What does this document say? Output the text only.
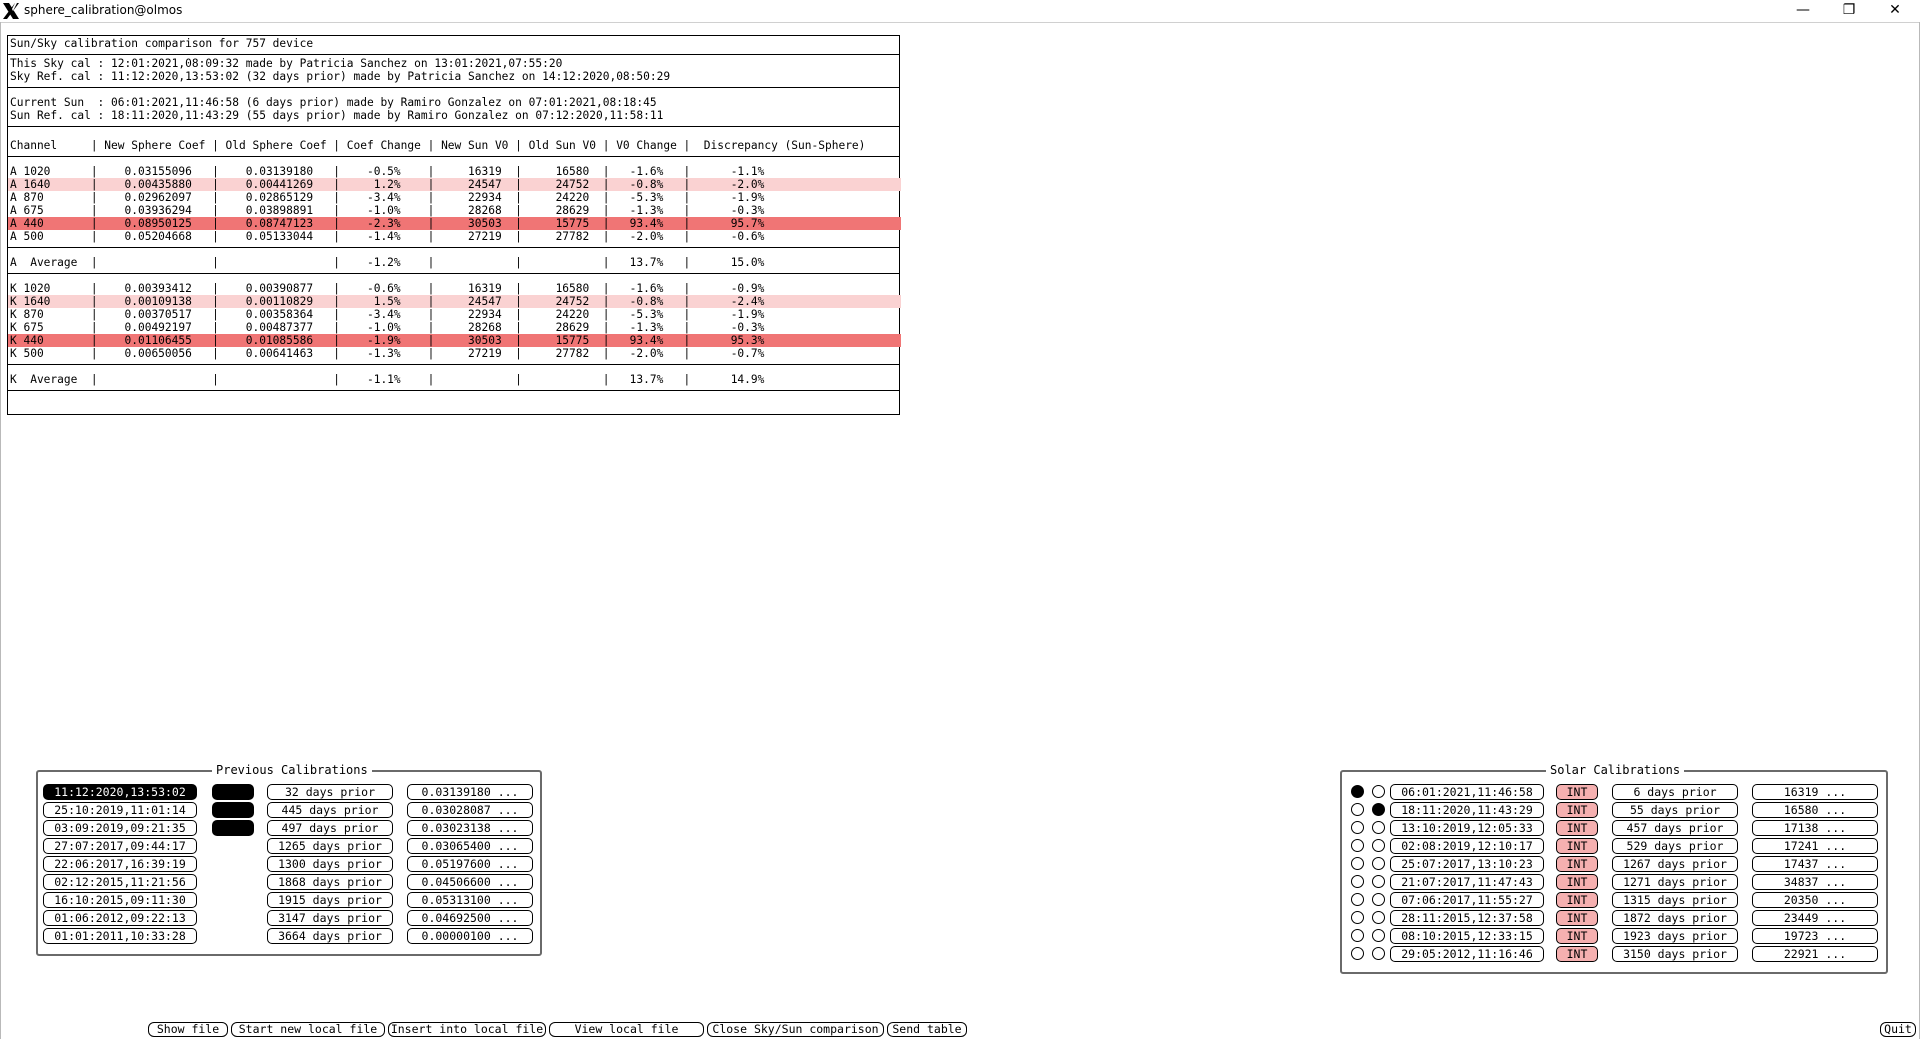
sphere_calibration@olmos	—	❐	✕
Sun/Sky calibration comparison for 757 device
This Sky cal : 12:01:2021,08:09:32 made by Patricia Sanchez on 13:01:2021,07:55:20
Sky Ref. cal : 11:12:2020,13:53:02 (32 days prior) made by Patricia Sanchez on 14:12:2020,08:50:29
Current Sun  : 06:01:2021,11:46:58 (6 days prior) made by Ramiro Gonzalez on 07:01:2021,08:18:45
Sun Ref. cal : 18:11:2020,11:43:29 (55 days prior) made by Ramiro Gonzalez on 07:12:2020,11:58:11
Channel     | New Sphere Coef | Old Sphere Coef | Coef Change | New Sun V0 | Old Sun V0 | V0 Change |  Discrepancy (Sun-Sphere)
A 1020      |    0.03155096   |    0.03139180   |    -0.5%    |     16319  |     16580  |   -1.6%   |      -1.1%
A 1640      |    0.00435880   |    0.00441269   |     1.2%    |     24547  |     24752  |   -0.8%   |      -2.0%
A 870       |    0.02962097   |    0.02865129   |    -3.4%    |     22934  |     24220  |   -5.3%   |      -1.9%
A 675       |    0.03936294   |    0.03898891   |    -1.0%    |     28268  |     28629  |   -1.3%   |      -0.3%
A 440       |    0.08950125   |    0.08747123   |    -2.3%    |     30503  |     15775  |   93.4%   |      95.7%
A 500       |    0.05204668   |    0.05133044   |    -1.4%    |     27219  |     27782  |   -2.0%   |      -0.6%
A  Average  |                 |                 |    -1.2%    |            |            |   13.7%   |      15.0%
K 1020      |    0.00393412   |    0.00390877   |    -0.6%    |     16319  |     16580  |   -1.6%   |      -0.9%
K 1640      |    0.00109138   |    0.00110829   |     1.5%    |     24547  |     24752  |   -0.8%   |      -2.4%
K 870       |    0.00370517   |    0.00358364   |    -3.4%    |     22934  |     24220  |   -5.3%   |      -1.9%
K 675       |    0.00492197   |    0.00487377   |    -1.0%    |     28268  |     28629  |   -1.3%   |      -0.3%
K 440       |    0.01106455   |    0.01085586   |    -1.9%    |     30503  |     15775  |   93.4%   |      95.3%
K 500       |    0.00650056   |    0.00641463   |    -1.3%    |     27219  |     27782  |   -2.0%   |      -0.7%
K  Average  |                 |                 |    -1.1%    |            |            |   13.7%   |      14.9%
Previous Calibrations
11:12:2020,13:53:02	32 days prior	0.03139180 ...
25:10:2019,11:01:14	445 days prior	0.03028087 ...
03:09:2019,09:21:35	497 days prior	0.03023138 ...
27:07:2017,09:44:17	1265 days prior	0.03065400 ...
22:06:2017,16:39:19	1300 days prior	0.05197600 ...
02:12:2015,11:21:56	1868 days prior	0.04506600 ...
16:10:2015,09:11:30	1915 days prior	0.05313100 ...
01:06:2012,09:22:13	3147 days prior	0.04692500 ...
01:01:2011,10:33:28	3664 days prior	0.00000100 ...
Solar Calibrations
06:01:2021,11:46:58	INT	6 days prior	16319 ...
18:11:2020,11:43:29	INT	55 days prior	16580 ...
13:10:2019,12:05:33	INT	457 days prior	17138 ...
02:08:2019,12:10:17	INT	529 days prior	17241 ...
25:07:2017,13:10:23	INT	1267 days prior	17437 ...
21:07:2017,11:47:43	INT	1271 days prior	34837 ...
07:06:2017,11:55:27	INT	1315 days prior	20350 ...
28:11:2015,12:37:58	INT	1872 days prior	23449 ...
08:10:2015,12:33:15	INT	1923 days prior	19723 ...
29:05:2012,11:16:46	INT	3150 days prior	22921 ...
Show file	Start new local file	Insert into local file	View local file	Close Sky/Sun comparison	Send table	Quit
